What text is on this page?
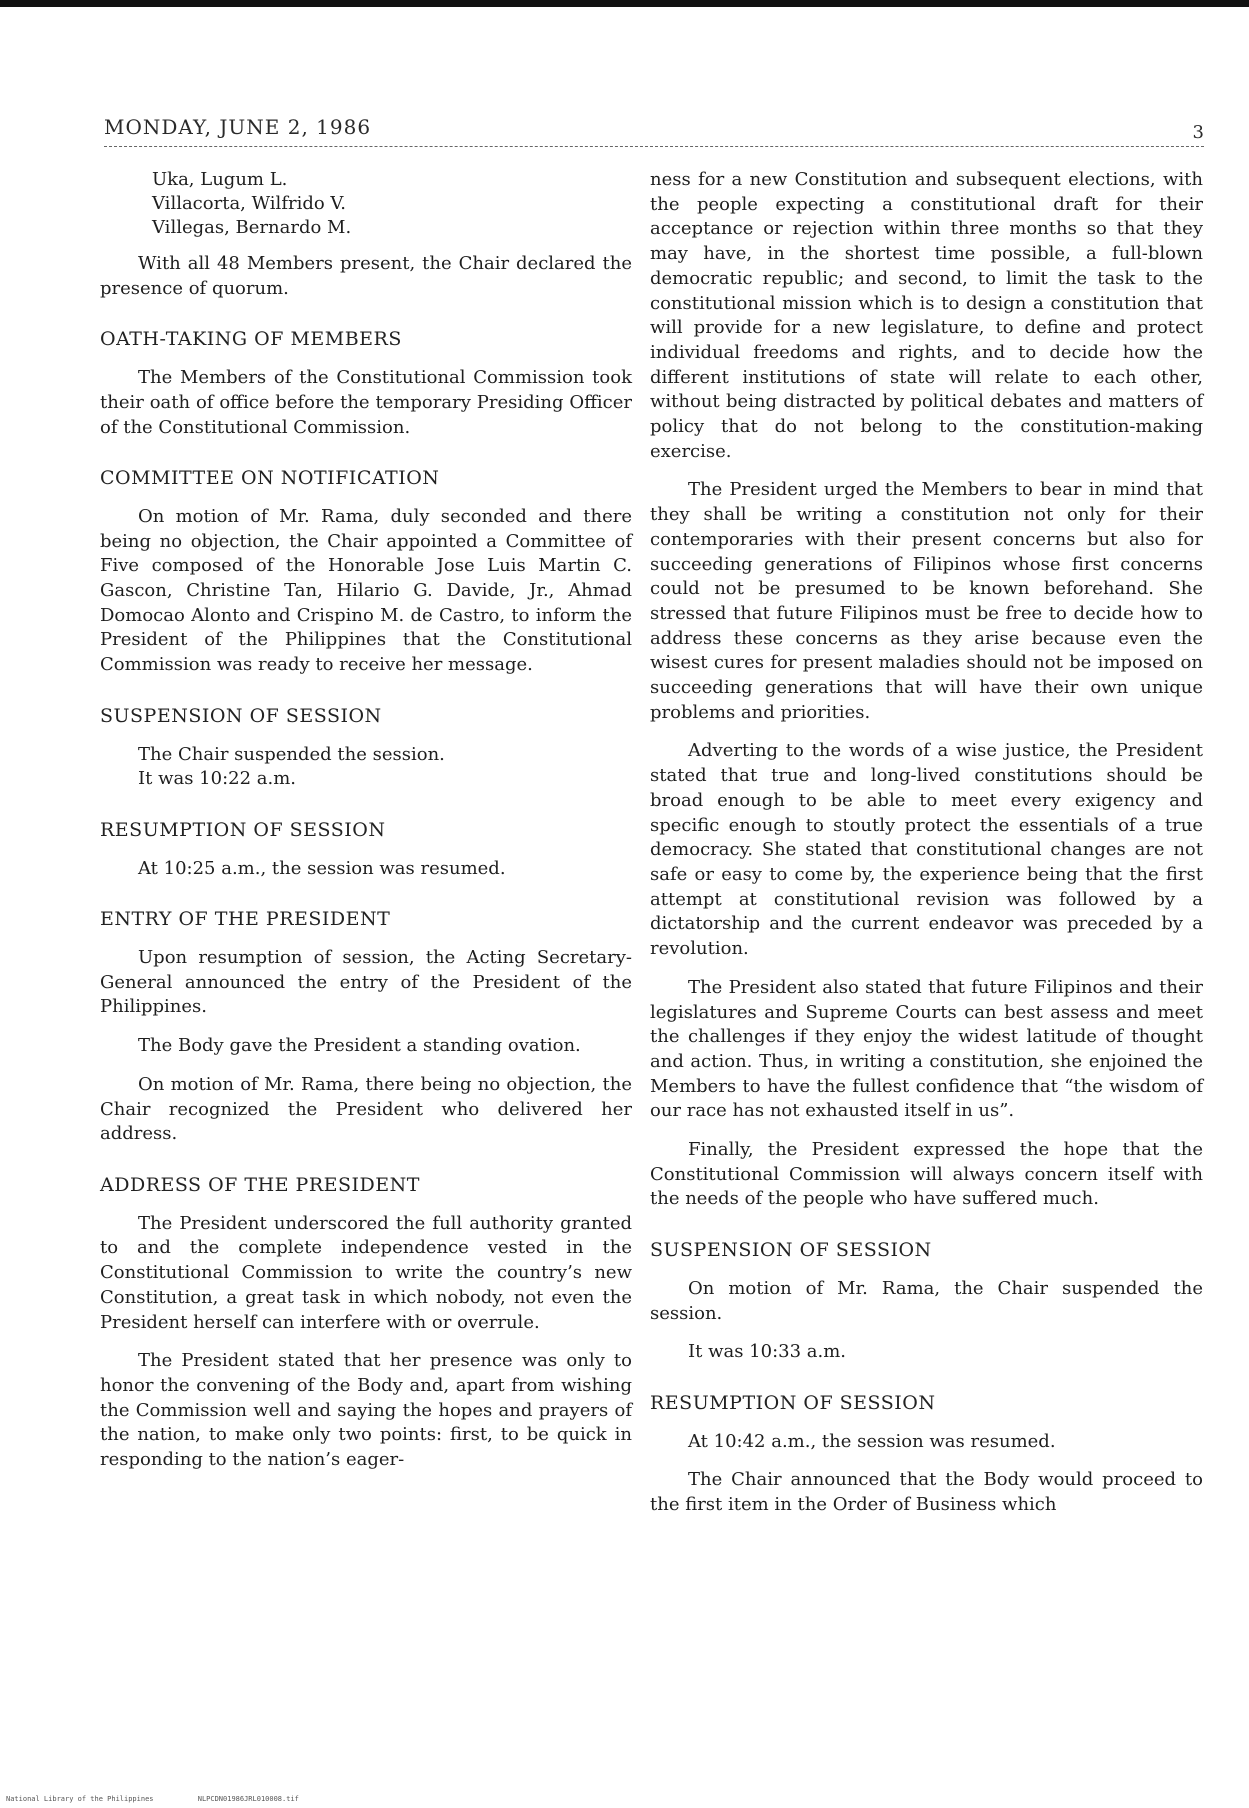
MONDAY, JUNE 2, 1986	3
Uka, Lugum L.
Villacorta, Wilfrido V.
Villegas, Bernardo M.

With all 48 Members present, the Chair declared the presence of quorum.

OATH-TAKING OF MEMBERS

The Members of the Constitutional Commission took their oath of office before the temporary Presiding Officer of the Constitutional Commission.

COMMITTEE ON NOTIFICATION

On motion of Mr. Rama, duly seconded and there being no objection, the Chair appointed a Committee of Five composed of the Honorable Jose Luis Martin C. Gascon, Christine Tan, Hilario G. Davide, Jr., Ahmad Domocao Alonto and Crispino M. de Castro, to inform the President of the Philippines that the Constitutional Commission was ready to receive her message.

SUSPENSION OF SESSION

The Chair suspended the session.

It was 10:22 a.m.

RESUMPTION OF SESSION

At 10:25 a.m., the session was resumed.

ENTRY OF THE PRESIDENT

Upon resumption of session, the Acting Secretary-General announced the entry of the President of the Philippines.

The Body gave the President a standing ovation.

On motion of Mr. Rama, there being no objection, the Chair recognized the President who delivered her address.

ADDRESS OF THE PRESIDENT

The President underscored the full authority granted to and the complete independence vested in the Constitutional Commission to write the country’s new Constitution, a great task in which nobody, not even the President herself can interfere with or overrule.

The President stated that her presence was only to honor the convening of the Body and, apart from wishing the Commission well and saying the hopes and prayers of the nation, to make only two points: first, to be quick in responding to the nation’s eager-

ness for a new Constitution and subsequent elections, with the people expecting a constitutional draft for their acceptance or rejection within three months so that they may have, in the shortest time possible, a full-blown democratic republic; and second, to limit the task to the constitutional mission which is to design a constitution that will provide for a new legislature, to define and protect individual freedoms and rights, and to decide how the different institutions of state will relate to each other, without being distracted by political debates and matters of policy that do not belong to the constitution-making exercise.

The President urged the Members to bear in mind that they shall be writing a constitution not only for their contemporaries with their present concerns but also for succeeding generations of Filipinos whose first concerns could not be presumed to be known beforehand. She stressed that future Filipinos must be free to decide how to address these concerns as they arise because even the wisest cures for present maladies should not be imposed on succeeding generations that will have their own unique problems and priorities.

Adverting to the words of a wise justice, the President stated that true and long-lived constitutions should be broad enough to be able to meet every exigency and specific enough to stoutly protect the essentials of a true democracy. She stated that constitutional changes are not safe or easy to come by, the experience being that the first attempt at constitutional revision was followed by a dictatorship and the current endeavor was preceded by a revolution.

The President also stated that future Filipinos and their legislatures and Supreme Courts can best assess and meet the challenges if they enjoy the widest latitude of thought and action. Thus, in writing a constitution, she enjoined the Members to have the fullest confidence that “the wisdom of our race has not exhausted itself in us”.

Finally, the President expressed the hope that the Constitutional Commission will always concern itself with the needs of the people who have suffered much.

SUSPENSION OF SESSION

On motion of Mr. Rama, the Chair suspended the session.

It was 10:33 a.m.

RESUMPTION OF SESSION

At 10:42 a.m., the session was resumed.

The Chair announced that the Body would proceed to the first item in the Order of Business which

National Library of the Philippines	NLPCDN01986JRL010008.tif
